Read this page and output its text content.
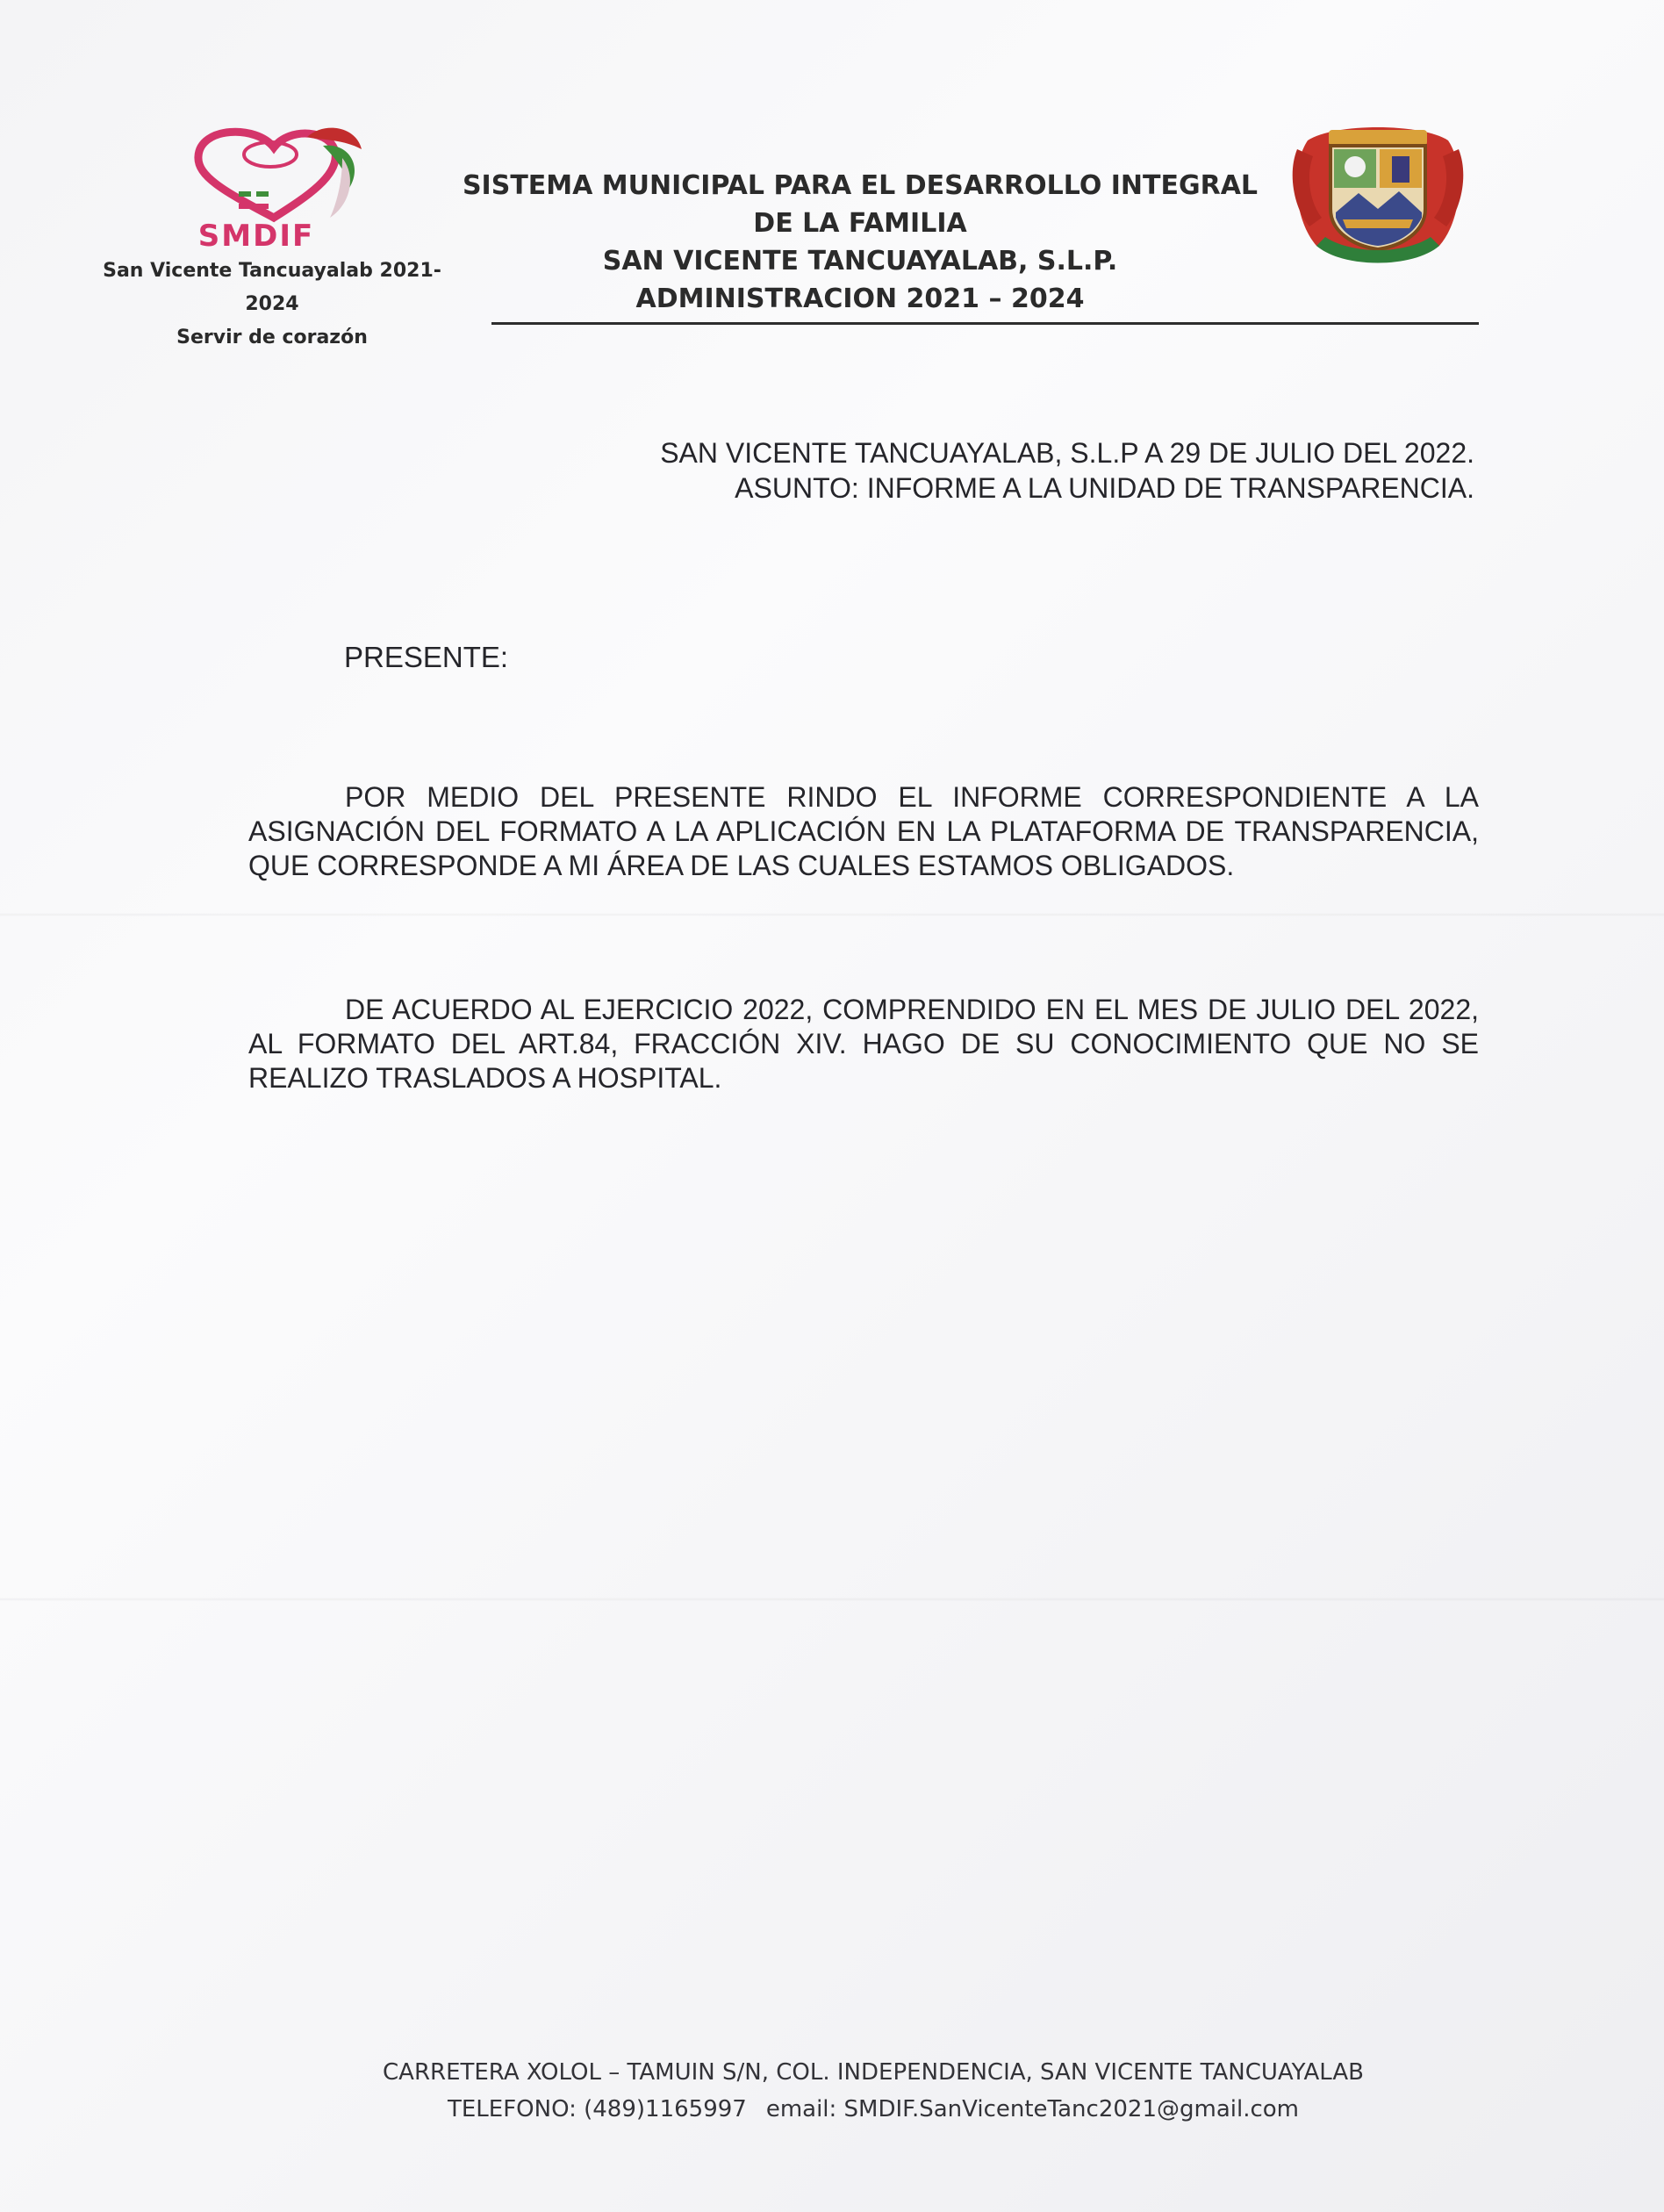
SMDIF
San Vicente Tancuayalab 2021-2024
Servir de corazón
SISTEMA MUNICIPAL PARA EL DESARROLLO INTEGRAL
DE LA FAMILIA
SAN VICENTE TANCUAYALAB, S.L.P.
ADMINISTRACION 2021 – 2024
SAN VICENTE TANCUAYALAB, S.L.P A 29 DE JULIO DEL 2022.
ASUNTO: INFORME A LA UNIDAD DE TRANSPARENCIA.
PRESENTE:
POR MEDIO DEL PRESENTE RINDO EL INFORME CORRESPONDIENTE A LA ASIGNACIÓN DEL FORMATO A LA APLICACIÓN EN LA PLATAFORMA DE TRANSPARENCIA, QUE CORRESPONDE A MI ÁREA DE LAS CUALES ESTAMOS OBLIGADOS.
DE ACUERDO AL EJERCICIO 2022, COMPRENDIDO EN EL MES DE JULIO DEL 2022, AL FORMATO DEL ART.84, FRACCIÓN XIV. HAGO DE SU CONOCIMIENTO QUE NO SE REALIZO TRASLADOS A HOSPITAL.
CARRETERA XOLOL – TAMUIN S/N, COL. INDEPENDENCIA, SAN VICENTE TANCUAYALAB
TELEFONO: (489)1165997 email: SMDIF.SanVicenteTanc2021@gmail.com
